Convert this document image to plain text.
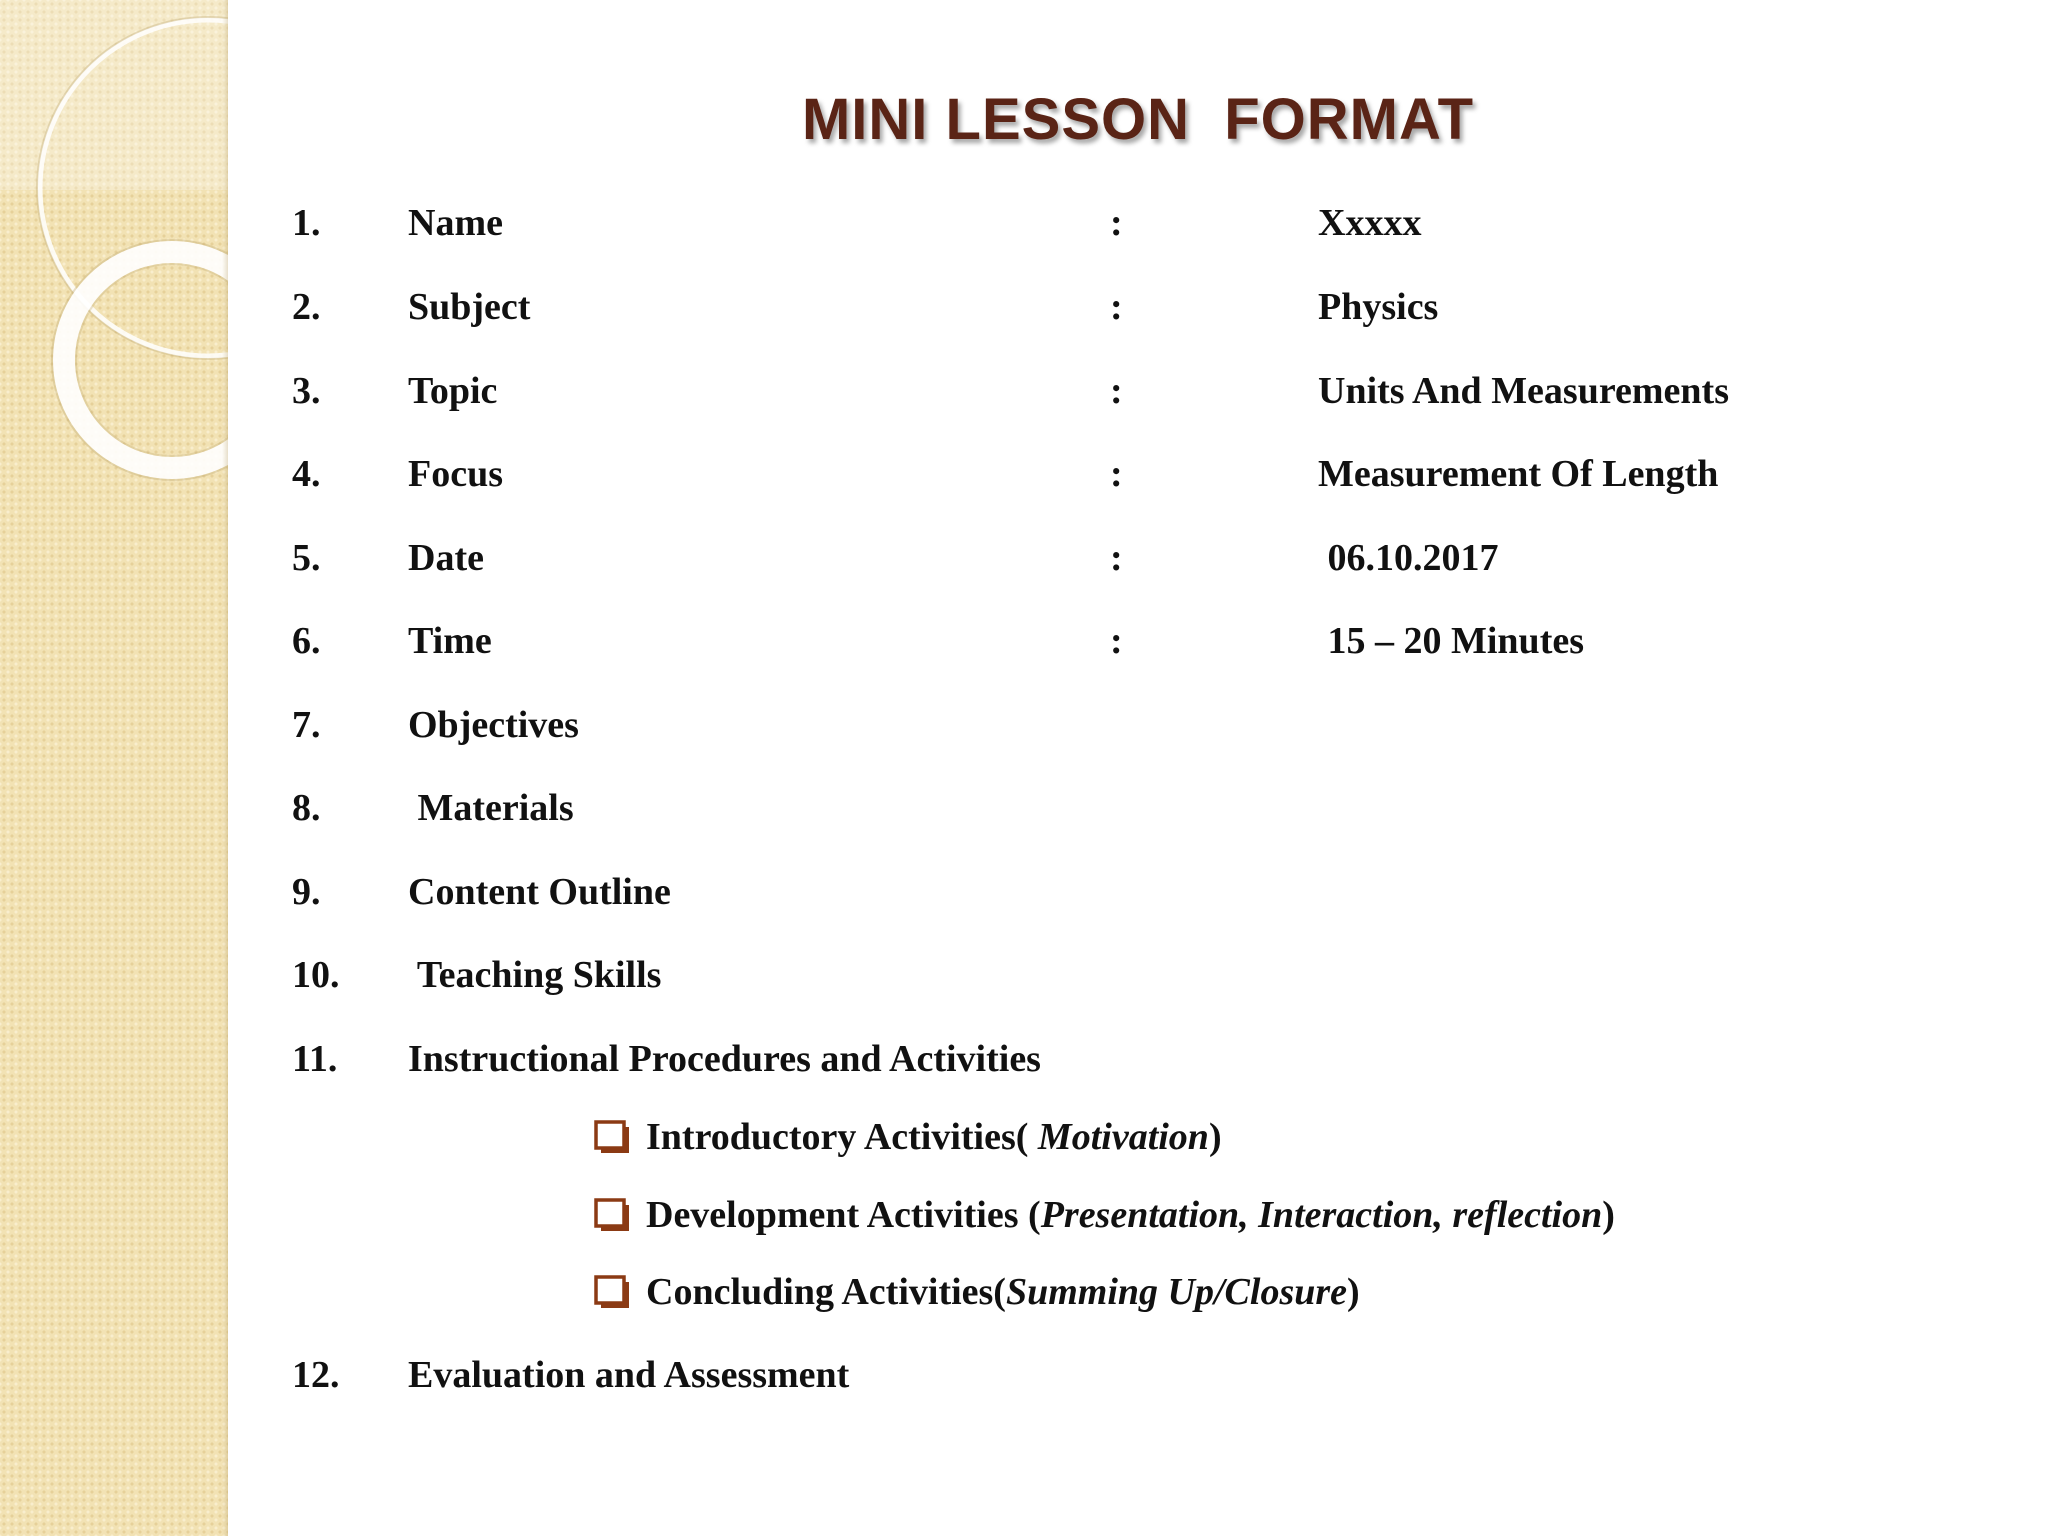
MINI LESSON  FORMAT
1. Name	:	Xxxxx
2. Subject	:	Physics
3. Topic	:	Units And Measurements
4. Focus	:	Measurement Of Length
5. Date	:	06.10.2017
6. Time	:	15 – 20 Minutes
7. Objectives
8. Materials
9. Content Outline
10. Teaching Skills
11. Instructional Procedures and Activities
Introductory Activities( Motivation)
Development Activities (Presentation, Interaction, reflection)
Concluding Activities(Summing Up/Closure)
12. Evaluation and Assessment
